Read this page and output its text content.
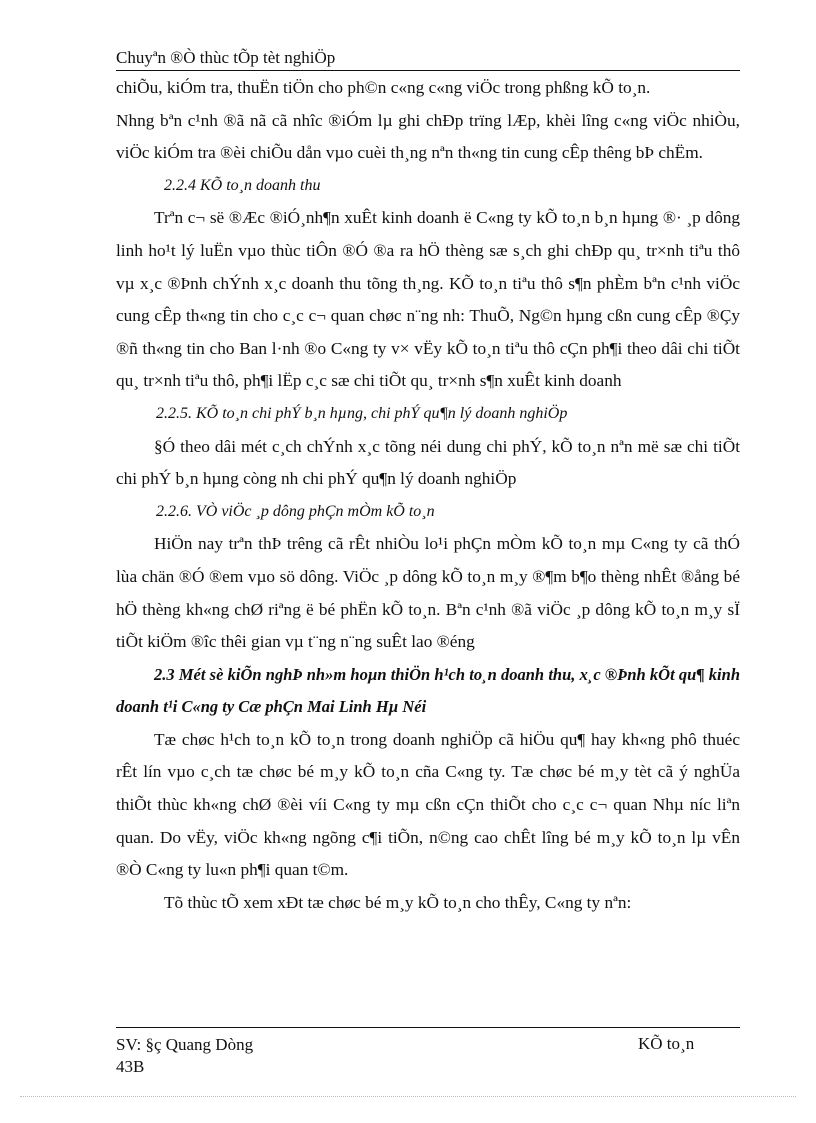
Chuyªn ®Ò thùc tÕp tèt nghiÖp

chiÕu, kiÓm tra, thuËn tiÖn cho ph©n c«ng c«ng viÖc trong phßng kÕ to¸n.

Nhng bªn c¹nh ®ã nã cã nhîc ®iÓm lµ ghi chÐp trïng lÆp, khèi lîng c«ng viÖc nhiÒu, viÖc kiÓm tra ®èi chiÕu dån vµo cuèi th¸ng nªn th«ng tin cung cÊp thêng bÞ chËm.

2.2.4 KÕ to¸n doanh thu

Trªn c¬ së ®Æc ®iÓ¸nh¶n xuÊt kinh doanh ë C«ng ty kÕ to¸n b¸n hµng ®· ¸p dông linh ho¹t lý luËn vµo thùc tiÔn ®Ó ®a ra hÖ thèng sæ s¸ch ghi chÐp qu¸ tr×nh tiªu thô vµ x¸c ®Þnh chÝnh x¸c doanh thu tõng th¸ng. KÕ to¸n tiªu thô s¶n phÈm bªn c¹nh viÖc cung cÊp th«ng tin cho c¸c c¬ quan chøc n¨ng nh: ThuÕ, Ng©n hµng cßn cung cÊp ®Çy ®ñ th«ng tin cho Ban l·nh ®o C«ng ty v× vËy kÕ to¸n tiªu thô cÇn ph¶i theo dâi chi tiÕt qu¸ tr×nh tiªu thô, ph¶i lËp c¸c sæ chi tiÕt qu¸ tr×nh s¶n xuÊt kinh doanh

2.2.5. KÕ to¸n chi phÝ b¸n hµng, chi phÝ qu¶n lý doanh nghiÖp

§Ó theo dâi mét c¸ch chÝnh x¸c tõng néi dung chi phÝ, kÕ to¸n nªn më sæ chi tiÕt chi phÝ b¸n hµng còng nh chi phÝ qu¶n lý doanh nghiÖp

2.2.6. VÒ viÖc ¸p dông phÇn mÒm kÕ to¸n

HiÖn nay trªn thÞ trêng cã rÊt nhiÒu lo¹i phÇn mÒm kÕ to¸n mµ C«ng ty cã thÓ lùa chän ®Ó ®em vµo sö dông. ViÖc ¸p dông kÕ to¸n m¸y ®¶m b¶o thèng nhÊt ®ång bé hÖ thèng kh«ng chØ riªng ë bé phËn kÕ to¸n. Bªn c¹nh ®ã viÖc ¸p dông kÕ to¸n m¸y sÏ tiÕt kiÖm ®îc thêi gian vµ t¨ng n¨ng suÊt lao ®éng

2.3 Mét sè kiÕn nghÞ nh»m hoµn thiÖn h¹ch to¸n doanh thu, x¸c ®Þnh kÕt qu¶ kinh doanh t¹i C«ng ty Cæ phÇn Mai Linh Hµ Néi

Tæ chøc h¹ch to¸n kÕ to¸n trong doanh nghiÖp cã hiÖu qu¶ hay kh«ng phô thuéc rÊt lín vµo c¸ch tæ chøc bé m¸y kÕ to¸n cña C«ng ty. Tæ chøc bé m¸y tèt cã ý nghÜa thiÕt thùc kh«ng chØ ®èi víi C«ng ty mµ cßn cÇn thiÕt cho c¸c c¬ quan Nhµ níc liªn quan. Do vËy, viÖc kh«ng ngõng c¶i tiÕn, n©ng cao chÊt lîng bé m¸y kÕ to¸n lµ vÊn ®Ò C«ng ty lu«n ph¶i quan t©m.

Tõ thùc tÕ xem xÐt tæ chøc bé m¸y kÕ to¸n cho thÊy, C«ng ty nªn:

SV: §ç Quang Dòng
43B
KÕ to¸n
